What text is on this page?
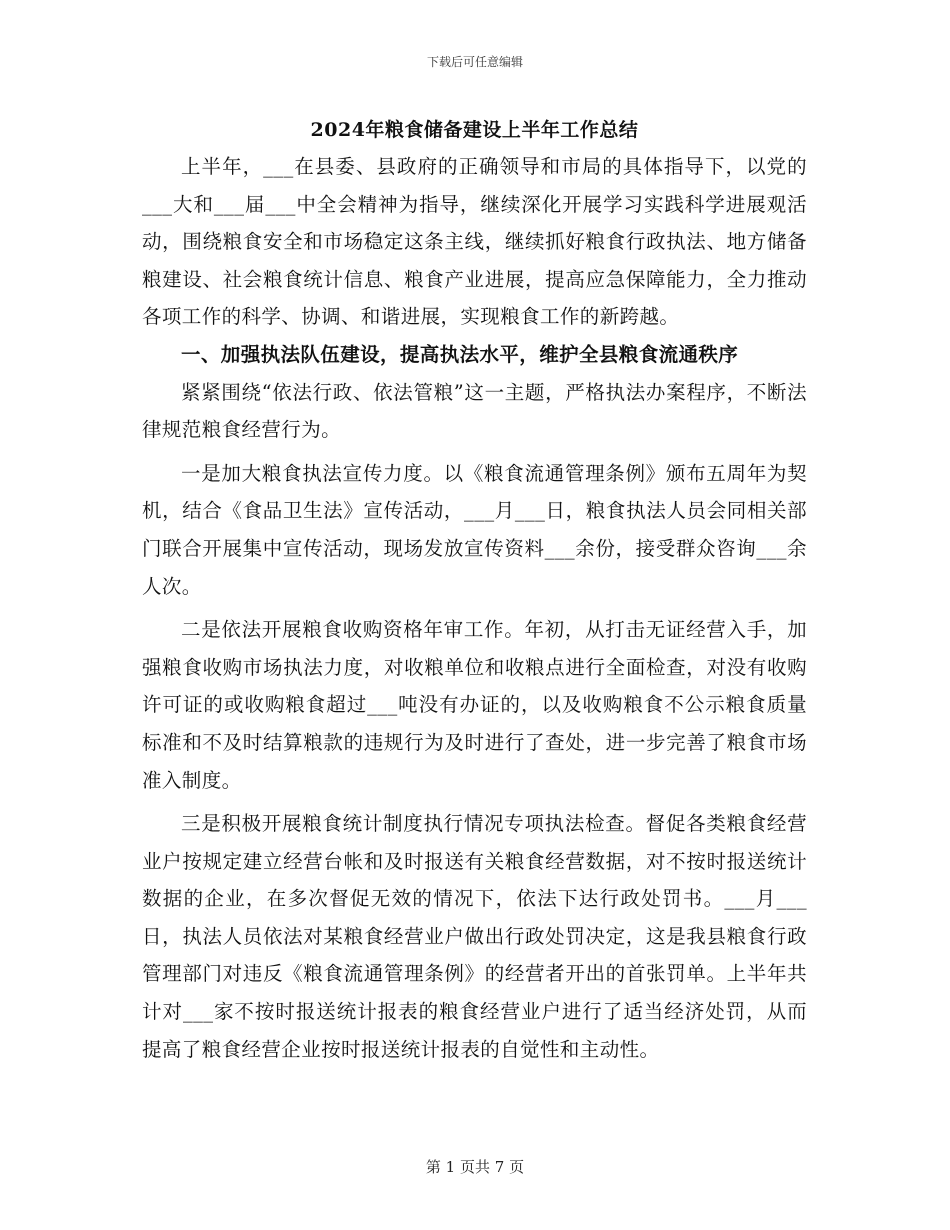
下载后可任意编辑
2024年粮食储备建设上半年工作总结

上半年，___在县委、县政府的正确领导和市局的具体指导下，以党的___大和___届___中全会精神为指导，继续深化开展学习实践科学进展观活动，围绕粮食安全和市场稳定这条主线，继续抓好粮食行政执法、地方储备粮建设、社会粮食统计信息、粮食产业进展，提高应急保障能力，全力推动各项工作的科学、协调、和谐进展，实现粮食工作的新跨越。

一、加强执法队伍建设，提高执法水平，维护全县粮食流通秩序

紧紧围绕“依法行政、依法管粮”这一主题，严格执法办案程序，不断法律规范粮食经营行为。

一是加大粮食执法宣传力度。以《粮食流通管理条例》颁布五周年为契机，结合《食品卫生法》宣传活动，___月___日，粮食执法人员会同相关部门联合开展集中宣传活动，现场发放宣传资料___余份，接受群众咨询___余人次。

二是依法开展粮食收购资格年审工作。年初，从打击无证经营入手，加强粮食收购市场执法力度，对收粮单位和收粮点进行全面检查，对没有收购许可证的或收购粮食超过___吨没有办证的，以及收购粮食不公示粮食质量标准和不及时结算粮款的违规行为及时进行了查处，进一步完善了粮食市场准入制度。

三是积极开展粮食统计制度执行情况专项执法检查。督促各类粮食经营业户按规定建立经营台帐和及时报送有关粮食经营数据，对不按时报送统计数据的企业，在多次督促无效的情况下，依法下达行政处罚书。___月___日，执法人员依法对某粮食经营业户做出行政处罚决定，这是我县粮食行政管理部门对违反《粮食流通管理条例》的经营者开出的首张罚单。上半年共计对___家不按时报送统计报表的粮食经营业户进行了适当经济处罚，从而提高了粮食经营企业按时报送统计报表的自觉性和主动性。

第 1 页共 7 页
